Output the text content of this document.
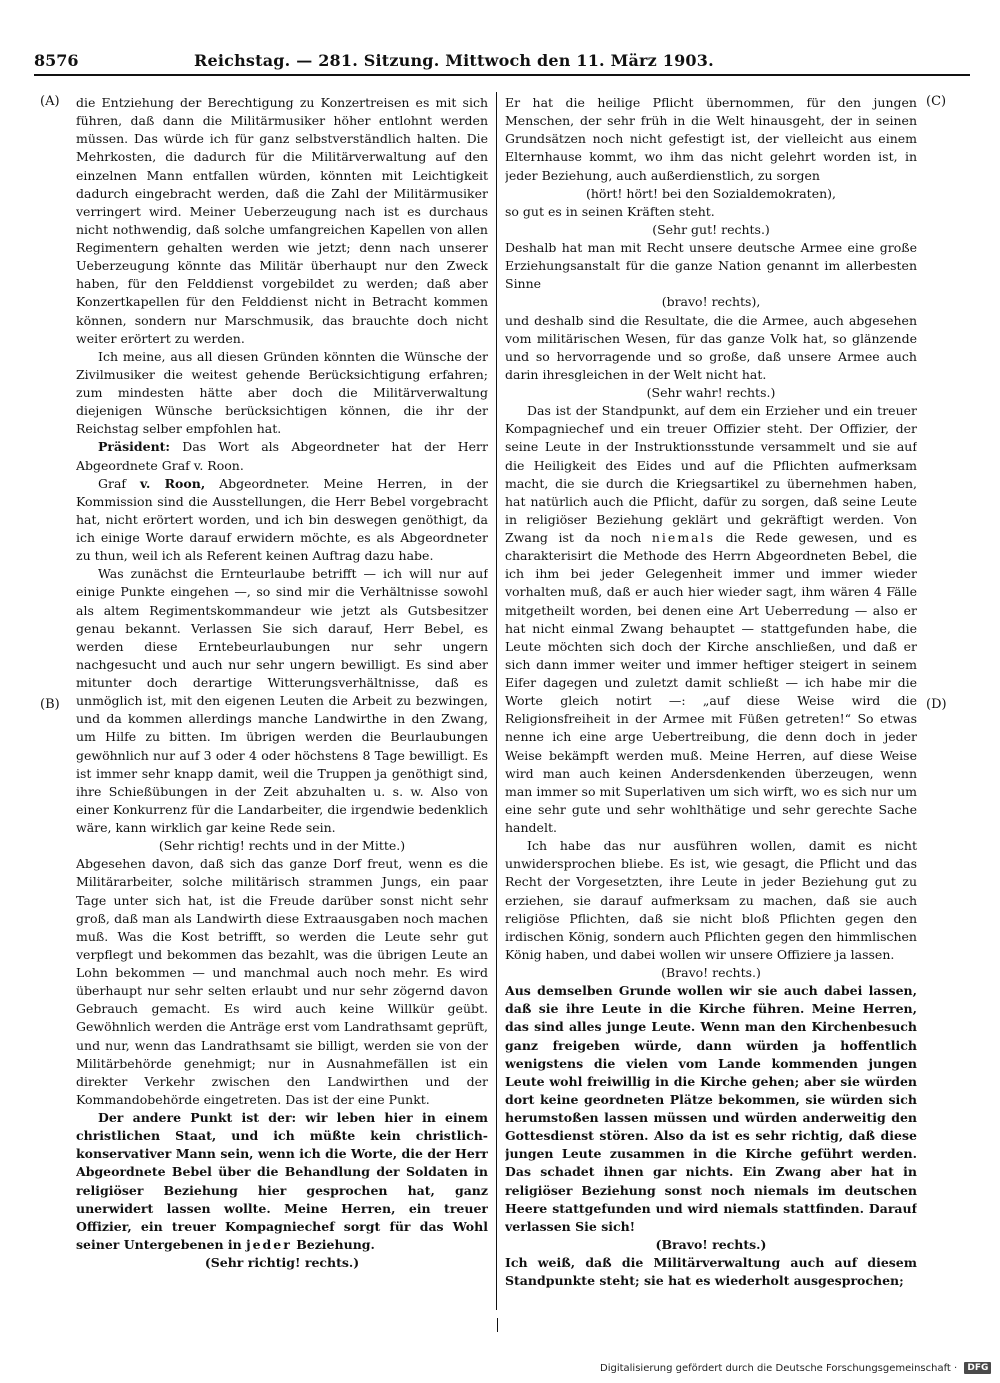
8576	Reichstag. — 281. Sitzung. Mittwoch den 11. März 1903.
(A)
(B)
(C)
(D)

die Entziehung der Berechtigung zu Konzertreisen es mit sich führen, daß dann die Militärmusiker höher entlohnt werden müssen. Das würde ich für ganz selbstverständlich halten. Die Mehrkosten, die dadurch für die Militärverwaltung auf den einzelnen Mann entfallen würden, könnten mit Leichtigkeit dadurch eingebracht werden, daß die Zahl der Militärmusiker verringert wird. Meiner Ueberzeugung nach ist es durchaus nicht nothwendig, daß solche umfangreichen Kapellen von allen Regimentern gehalten werden wie jetzt; denn nach unserer Ueberzeugung könnte das Militär überhaupt nur den Zweck haben, für den Felddienst vorgebildet zu werden; daß aber Konzertkapellen für den Felddienst nicht in Betracht kommen können, sondern nur Marschmusik, das brauchte doch nicht weiter erörtert zu werden.

Ich meine, aus all diesen Gründen könnten die Wünsche der Zivilmusiker die weitest gehende Berücksichtigung erfahren; zum mindesten hätte aber doch die Militärverwaltung diejenigen Wünsche berücksichtigen können, die ihr der Reichstag selber empfohlen hat.

Präsident: Das Wort als Abgeordneter hat der Herr Abgeordnete Graf v. Roon.

Graf v. Roon, Abgeordneter. Meine Herren, in der Kommission sind die Ausstellungen, die Herr Bebel vorgebracht hat, nicht erörtert worden, und ich bin deswegen genöthigt, da ich einige Worte darauf erwidern möchte, es als Abgeordneter zu thun, weil ich als Referent keinen Auftrag dazu habe.

Was zunächst die Ernteurlaube betrifft — ich will nur auf einige Punkte eingehen —, so sind mir die Verhältnisse sowohl als altem Regimentskommandeur wie jetzt als Gutsbesitzer genau bekannt. Verlassen Sie sich darauf, Herr Bebel, es werden diese Erntebeurlaubungen nur sehr ungern nachgesucht und auch nur sehr ungern bewilligt. Es sind aber mitunter doch derartige Witterungsverhältnisse, daß es unmöglich ist, mit den eigenen Leuten die Arbeit zu bezwingen, und da kommen allerdings manche Landwirthe in den Zwang, um Hilfe zu bitten. Im übrigen werden die Beurlaubungen gewöhnlich nur auf 3 oder 4 oder höchstens 8 Tage bewilligt. Es ist immer sehr knapp damit, weil die Truppen ja genöthigt sind, ihre Schießübungen in der Zeit abzuhalten u. s. w. Also von einer Konkurrenz für die Landarbeiter, die irgendwie bedenklich wäre, kann wirklich gar keine Rede sein.

(Sehr richtig! rechts und in der Mitte.)

Abgesehen davon, daß sich das ganze Dorf freut, wenn es die Militärarbeiter, solche militärisch strammen Jungs, ein paar Tage unter sich hat, ist die Freude darüber sonst nicht sehr groß, daß man als Landwirth diese Extraausgaben noch machen muß. Was die Kost betrifft, so werden die Leute sehr gut verpflegt und bekommen das bezahlt, was die übrigen Leute an Lohn bekommen — und manchmal auch noch mehr. Es wird überhaupt nur sehr selten erlaubt und nur sehr zögernd davon Gebrauch gemacht. Es wird auch keine Willkür geübt. Gewöhnlich werden die Anträge erst vom Landrathsamt geprüft, und nur, wenn das Landrathsamt sie billigt, werden sie von der Militärbehörde genehmigt; nur in Ausnahmefällen ist ein direkter Verkehr zwischen den Landwirthen und der Kommandobehörde eingetreten. Das ist der eine Punkt.

Der andere Punkt ist der: wir leben hier in einem christlichen Staat, und ich müßte kein christlich-konservativer Mann sein, wenn ich die Worte, die der Herr Abgeordnete Bebel über die Behandlung der Soldaten in religiöser Beziehung hier gesprochen hat, ganz unerwidert lassen wollte. Meine Herren, ein treuer Offizier, ein treuer Kompagniechef sorgt für das Wohl seiner Untergebenen in jeder Beziehung.

(Sehr richtig! rechts.)

Er hat die heilige Pflicht übernommen, für den jungen Menschen, der sehr früh in die Welt hinausgeht, der in seinen Grundsätzen noch nicht gefestigt ist, der vielleicht aus einem Elternhause kommt, wo ihm das nicht gelehrt worden ist, in jeder Beziehung, auch außerdienstlich, zu sorgen

(hört! hört! bei den Sozialdemokraten),

so gut es in seinen Kräften steht.

(Sehr gut! rechts.)

Deshalb hat man mit Recht unsere deutsche Armee eine große Erziehungsanstalt für die ganze Nation genannt im allerbesten Sinne

(bravo! rechts),

und deshalb sind die Resultate, die die Armee, auch abgesehen vom militärischen Wesen, für das ganze Volk hat, so glänzende und so hervorragende und so große, daß unsere Armee auch darin ihresgleichen in der Welt nicht hat.

(Sehr wahr! rechts.)

Das ist der Standpunkt, auf dem ein Erzieher und ein treuer Kompagniechef und ein treuer Offizier steht. Der Offizier, der seine Leute in der Instruktionsstunde versammelt und sie auf die Heiligkeit des Eides und auf die Pflichten aufmerksam macht, die sie durch die Kriegsartikel zu übernehmen haben, hat natürlich auch die Pflicht, dafür zu sorgen, daß seine Leute in religiöser Beziehung geklärt und gekräftigt werden. Von Zwang ist da noch niemals die Rede gewesen, und es charakterisirt die Methode des Herrn Abgeordneten Bebel, die ich ihm bei jeder Gelegenheit immer und immer wieder vorhalten muß, daß er auch hier wieder sagt, ihm wären 4 Fälle mitgetheilt worden, bei denen eine Art Ueberredung — also er hat nicht einmal Zwang behauptet — stattgefunden habe, die Leute möchten sich doch der Kirche anschließen, und daß er sich dann immer weiter und immer heftiger steigert in seinem Eifer dagegen und zuletzt damit schließt — ich habe mir die Worte gleich notirt —: „auf diese Weise wird die Religionsfreiheit in der Armee mit Füßen getreten!“ So etwas nenne ich eine arge Uebertreibung, die denn doch in jeder Weise bekämpft werden muß. Meine Herren, auf diese Weise wird man auch keinen Andersdenkenden überzeugen, wenn man immer so mit Superlativen um sich wirft, wo es sich nur um eine sehr gute und sehr wohlthätige und sehr gerechte Sache handelt.

Ich habe das nur ausführen wollen, damit es nicht unwidersprochen bliebe. Es ist, wie gesagt, die Pflicht und das Recht der Vorgesetzten, ihre Leute in jeder Beziehung gut zu erziehen, sie darauf aufmerksam zu machen, daß sie auch religiöse Pflichten, daß sie nicht bloß Pflichten gegen den irdischen König, sondern auch Pflichten gegen den himmlischen König haben, und dabei wollen wir unsere Offiziere ja lassen.

(Bravo! rechts.)

Aus demselben Grunde wollen wir sie auch dabei lassen, daß sie ihre Leute in die Kirche führen. Meine Herren, das sind alles junge Leute. Wenn man den Kirchenbesuch ganz freigeben würde, dann würden ja hoffentlich wenigstens die vielen vom Lande kommenden jungen Leute wohl freiwillig in die Kirche gehen; aber sie würden dort keine geordneten Plätze bekommen, sie würden sich herumstoßen lassen müssen und würden anderweitig den Gottesdienst stören. Also da ist es sehr richtig, daß diese jungen Leute zusammen in die Kirche geführt werden. Das schadet ihnen gar nichts. Ein Zwang aber hat in religiöser Beziehung sonst noch niemals im deutschen Heere stattgefunden und wird niemals stattfinden. Darauf verlassen Sie sich!

(Bravo! rechts.)

Ich weiß, daß die Militärverwaltung auch auf diesem Standpunkte steht; sie hat es wiederholt ausgesprochen;

Digitalisierung gefördert durch die Deutsche Forschungsgemeinschaft · DFG
